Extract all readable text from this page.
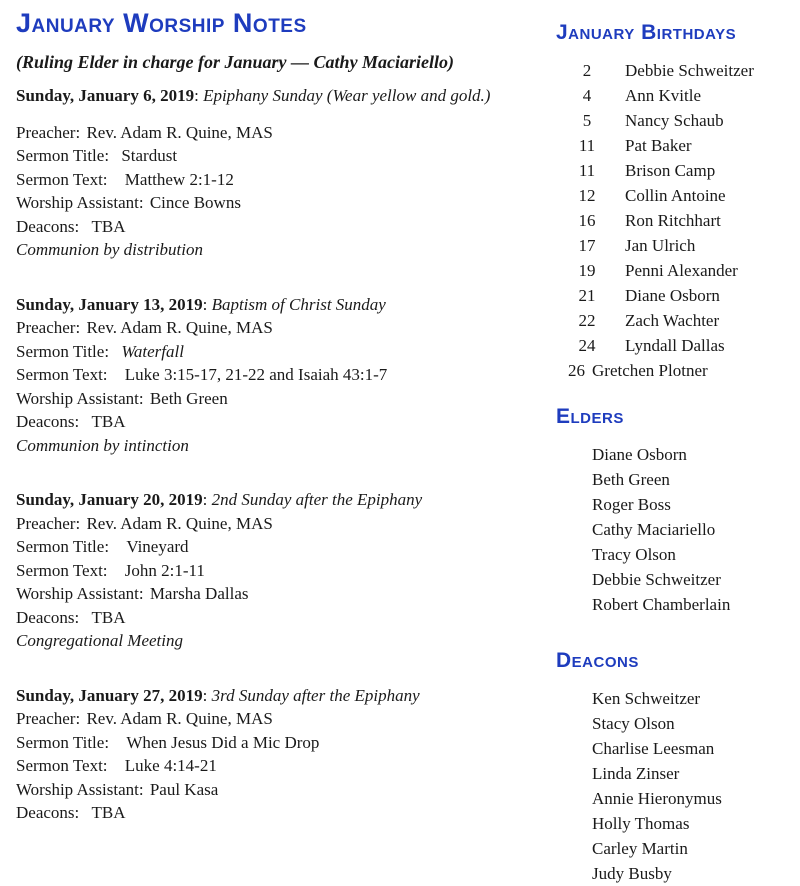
January Worship Notes
(Ruling Elder in charge for January — Cathy Maciariello)
Sunday, January 6, 2019: Epiphany Sunday (Wear yellow and gold.)
Preacher: Rev. Adam R. Quine, MAS
Sermon Title: Stardust
Sermon Text: Matthew 2:1-12
Worship Assistant: Cince Bowns
Deacons: TBA
Communion by distribution
Sunday, January 13, 2019: Baptism of Christ Sunday
Preacher: Rev. Adam R. Quine, MAS
Sermon Title: Waterfall
Sermon Text: Luke 3:15-17, 21-22 and Isaiah 43:1-7
Worship Assistant: Beth Green
Deacons: TBA
Communion by intinction
Sunday, January 20, 2019: 2nd Sunday after the Epiphany
Preacher: Rev. Adam R. Quine, MAS
Sermon Title: Vineyard
Sermon Text: John 2:1-11
Worship Assistant: Marsha Dallas
Deacons: TBA
Congregational Meeting
Sunday, January 27, 2019: 3rd Sunday after the Epiphany
Preacher: Rev. Adam R. Quine, MAS
Sermon Title: When Jesus Did a Mic Drop
Sermon Text: Luke 4:14-21
Worship Assistant: Paul Kasa
Deacons: TBA
January Birthdays
2	Debbie Schweitzer
4	Ann Kvitle
5	Nancy Schaub
11	Pat Baker
11	Brison Camp
12	Collin Antoine
16	Ron Ritchhart
17	Jan Ulrich
19	Penni Alexander
21	Diane Osborn
22	Zach Wachter
24	Lyndall Dallas
26 Gretchen Plotner
Elders
Diane Osborn
Beth Green
Roger Boss
Cathy Maciariello
Tracy Olson
Debbie Schweitzer
Robert Chamberlain
Deacons
Ken Schweitzer
Stacy Olson
Charlise Leesman
Linda Zinser
Annie Hieronymus
Holly Thomas
Carley Martin
Judy Busby
